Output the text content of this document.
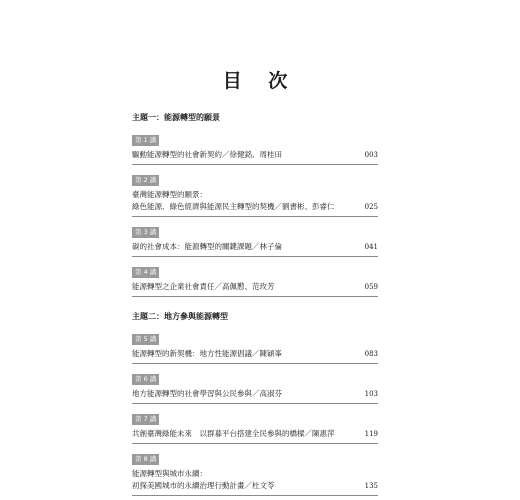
目 次
主題一：能源轉型的願景
第 1 講
驅動能源轉型的社會新契約／徐健銘、周桂田	003
第 2 講
臺灣能源轉型的願景：
綠色能源、綠色經濟與能源民主轉型的契機／劉書彬、彭睿仁	025
第 3 講
碳的社會成本：能源轉型的關鍵課題／林子倫	041
第 4 講
能源轉型之企業社會責任／高佩懃、范玫芳	059
主題二：地方參與能源轉型
第 5 講
能源轉型的新契機：地方性能源倡議／陳穎峯	083
第 6 講
地方能源轉型的社會學習與公民參與／高淑芬	103
第 7 講
共創臺灣綠能未來　以群募平台搭建全民參與的橋樑／陳惠萍	119
第 8 講
能源轉型與城市永續：
初探美國城市的永續治理行動計畫／杜文苓	135
